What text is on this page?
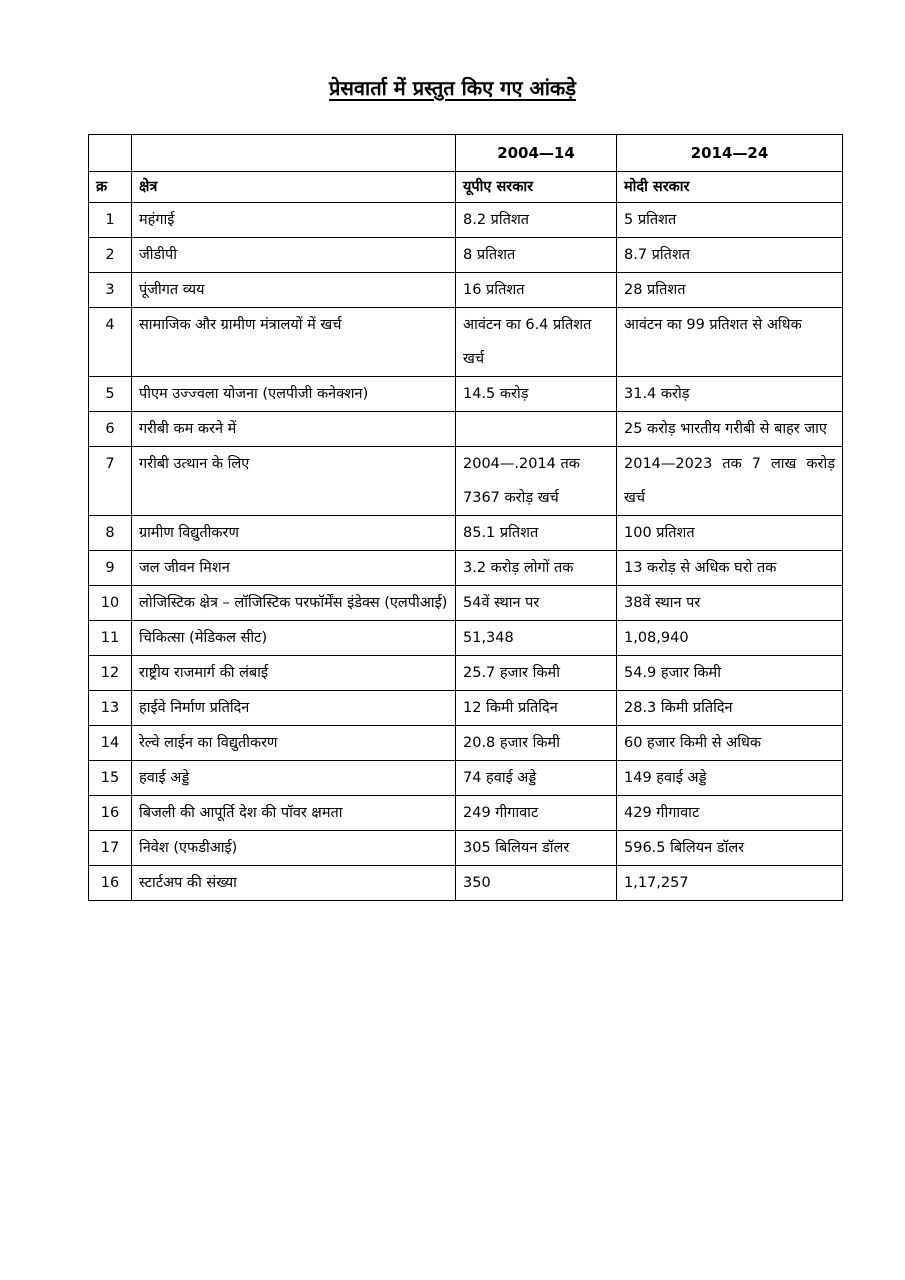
प्रेसवार्ता में प्रस्तुत किए गए आंकड़े
		2004—14	2014—24
क्र	क्षेत्र	यूपीए सरकार	मोदी सरकार
1	महंगाई	8.2 प्रतिशत	5 प्रतिशत
2	जीडीपी	8 प्रतिशत	8.7 प्रतिशत
3	पूंजीगत व्यय	16 प्रतिशत	28 प्रतिशत
4	सामाजिक और ग्रामीण मंत्रालयों में खर्च	आवंटन का 6.4 प्रतिशत खर्च	आवंटन का 99 प्रतिशत से अधिक
5	पीएम उज्ज्वला योजना (एलपीजी कनेक्शन)	14.5 करोड़	31.4 करोड़
6	गरीबी कम करने में		25 करोड़ भारतीय गरीबी से बाहर जाए
7	गरीबी उत्थान के लिए	2004—.2014 तक 7367 करोड़ खर्च	2014—2023 तक 7 लाख करोड़ खर्च
8	ग्रामीण विद्युतीकरण	85.1 प्रतिशत	100 प्रतिशत
9	जल जीवन मिशन	3.2 करोड़ लोगों तक	13 करोड़ से अधिक घरो तक
10	लोजिस्टिक क्षेत्र – लॉजिस्टिक परफॉर्मेंस इंडेक्स (एलपीआई)	54वें स्थान पर	38वें स्थान पर
11	चिकित्सा (मेडिकल सीट)	51,348	1,08,940
12	राष्ट्रीय राजमार्ग की लंबाई	25.7 हजार किमी	54.9 हजार किमी
13	हाईवे निर्माण प्रतिदिन	12 किमी प्रतिदिन	28.3 किमी प्रतिदिन
14	रेल्वे लाईन का विद्युतीकरण	20.8 हजार किमी	60 हजार किमी से अधिक
15	हवाई अड्डे	74 हवाई अड्डे	149 हवाई अड्डे
16	बिजली की आपूर्ति देश की पॉवर क्षमता	249 गीगावाट	429 गीगावाट
17	निवेश (एफडीआई)	305 बिलियन डॉलर	596.5 बिलियन डॉलर
16	स्टार्टअप की संख्या	350	1,17,257
